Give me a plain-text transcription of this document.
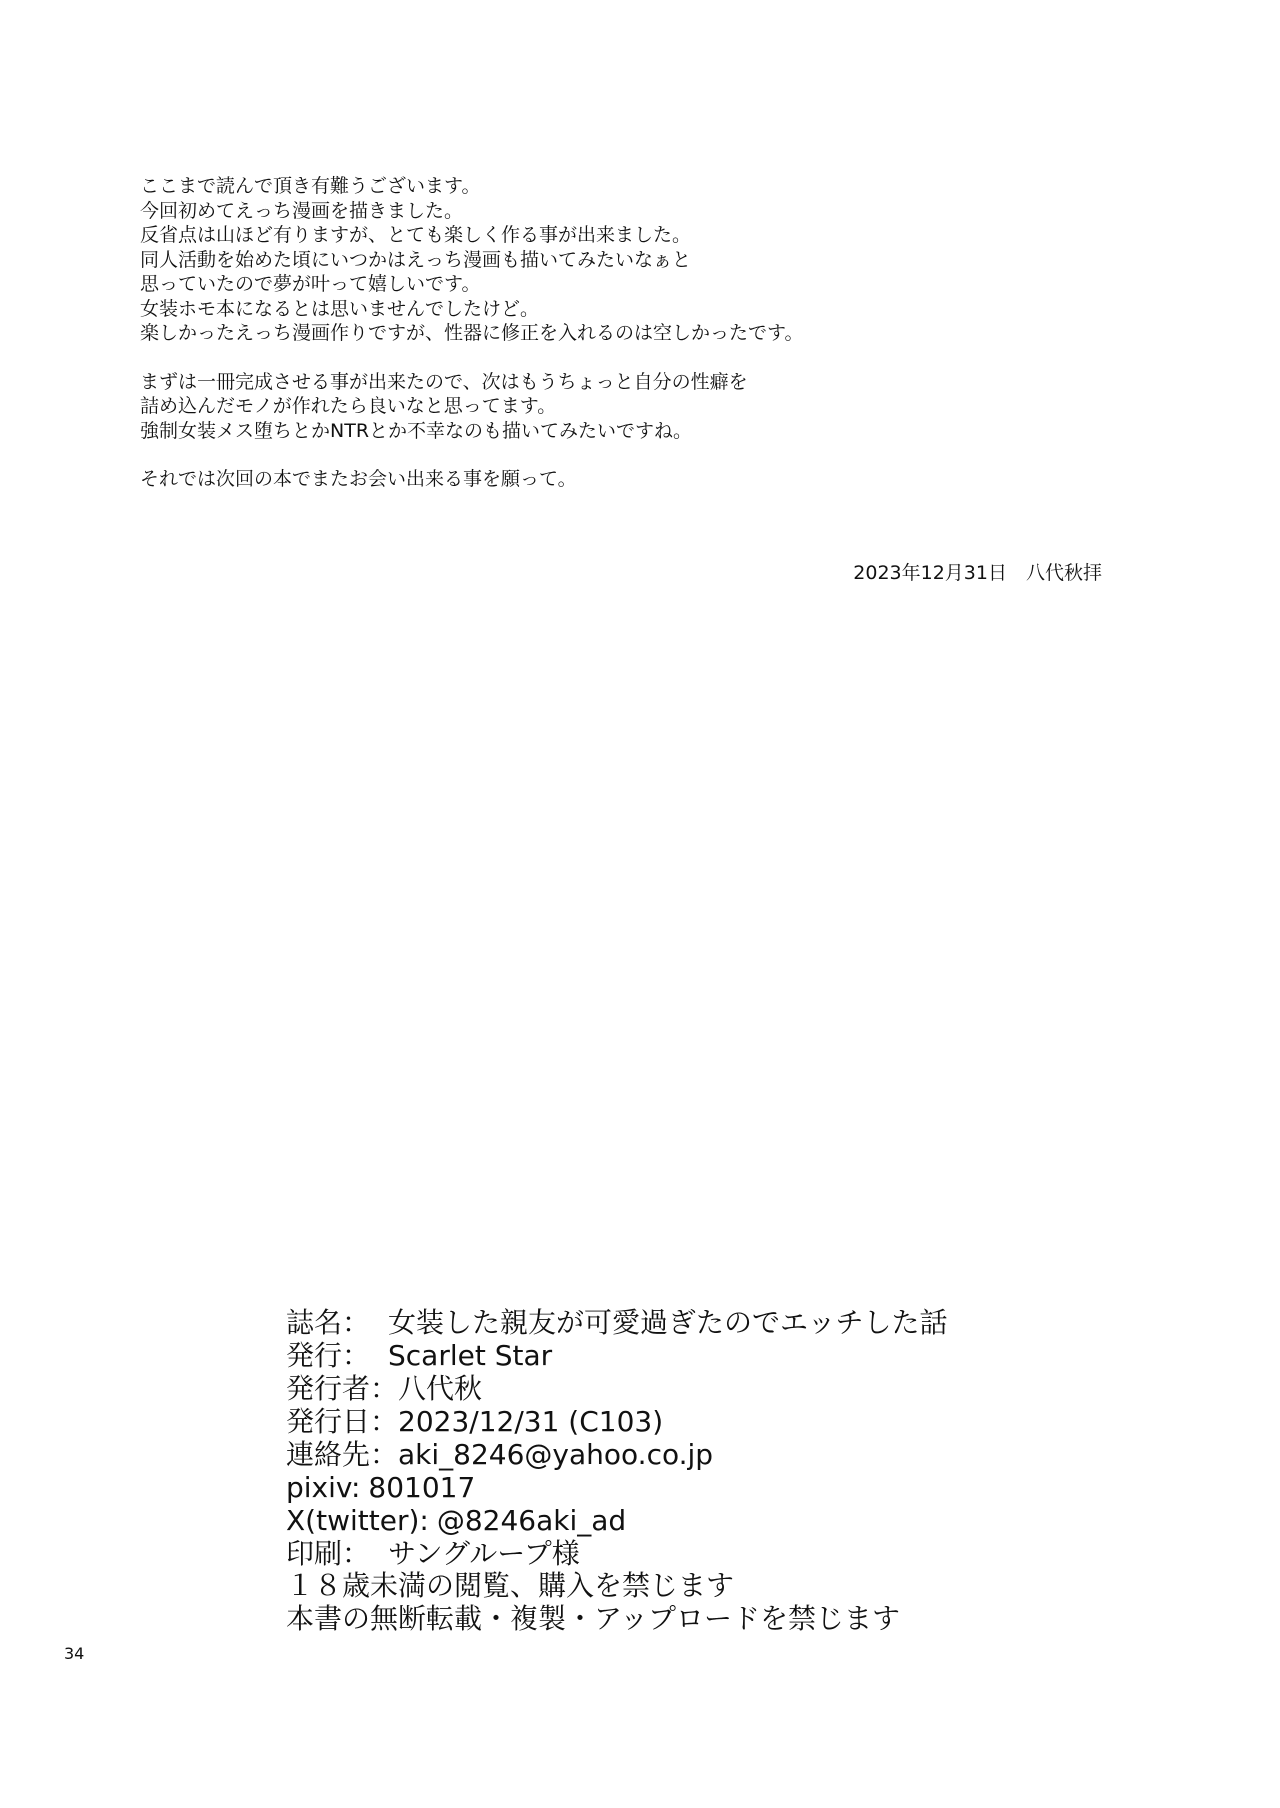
ここまで読んで頂き有難うございます。

今回初めてえっち漫画を描きました。

反省点は山ほど有りますが、とても楽しく作る事が出来ました。

同人活動を始めた頃にいつかはえっち漫画も描いてみたいなぁと

思っていたので夢が叶って嬉しいです。

女装ホモ本になるとは思いませんでしたけど。

楽しかったえっち漫画作りですが、性器に修正を入れるのは空しかったです。

まずは一冊完成させる事が出来たので、次はもうちょっと自分の性癖を

詰め込んだモノが作れたら良いなと思ってます。

強制女装メス堕ちとかNTRとか不幸なのも描いてみたいですね。

それでは次回の本でまたお会い出来る事を願って。

2023年12月31日　八代秋拝
誌名： 女装した親友が可愛過ぎたのでエッチした話
発行： Scarlet Star
発行者： 八代秋
発行日： 2023/12/31 (C103)
連絡先： aki_8246@yahoo.co.jp
pixiv: 801017
X(twitter): @8246aki_ad
印刷： サングループ様
１８歳未満の閲覧、購入を禁じます
本書の無断転載・複製・アップロードを禁じます
34
